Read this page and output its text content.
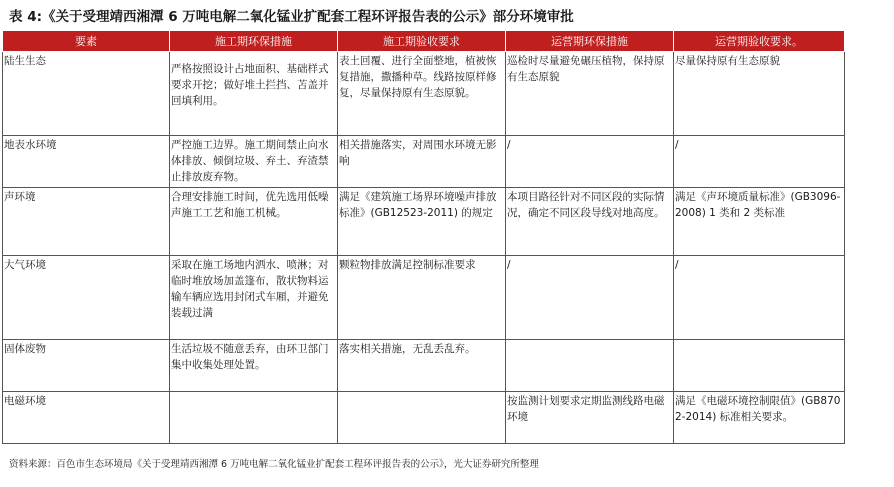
表 4:《关于受理靖西湘潭 6 万吨电解二氧化锰业扩配套工程环评报告表的公示》部分环境审批
要素	施工期环保措施	施工期验收要求	运营期环保措施	运营期验收要求。
陆生生态	严格按照设计占地面积、基础样式要求开挖；做好堆土拦挡、苫盖并回填利用。	表土回覆、进行全面整地，植被恢复措施，撒播种草。线路按原样修复，尽量保持原有生态原貌。	巡检时尽量避免碾压植物，保持原有生态原貌	尽量保持原有生态原貌
地表水环境	严控施工边界。施工期间禁止向水体排放、倾倒垃圾、弃土、弃渣禁止排放废弃物。	相关措施落实，对周围水环境无影响	/	/
声环境	合理安排施工时间，优先选用低噪声施工工艺和施工机械。	满足《建筑施工场界环境噪声排放标准》(GB12523-2011) 的规定	本项目路径针对不同区段的实际情况，确定不同区段导线对地高度。	满足《声环境质量标准》(GB3096-2008) 1 类和 2 类标准
大气环境	采取在施工场地内洒水、喷淋；对临时堆放场加盖篷布，散状物料运输车辆应选用封闭式车厢，并避免装载过满	颗粒物排放满足控制标准要求	/	/
固体废物	生活垃圾不随意丢弃，由环卫部门集中收集处理处置。	落实相关措施，无乱丢乱弃。		
电磁环境			按监测计划要求定期监测线路电磁环境	满足《电磁环境控制限值》(GB8702-2014) 标准相关要求。
资料来源：百色市生态环境局《关于受理靖西湘潭 6 万吨电解二氧化锰业扩配套工程环评报告表的公示》，光大证券研究所整理
